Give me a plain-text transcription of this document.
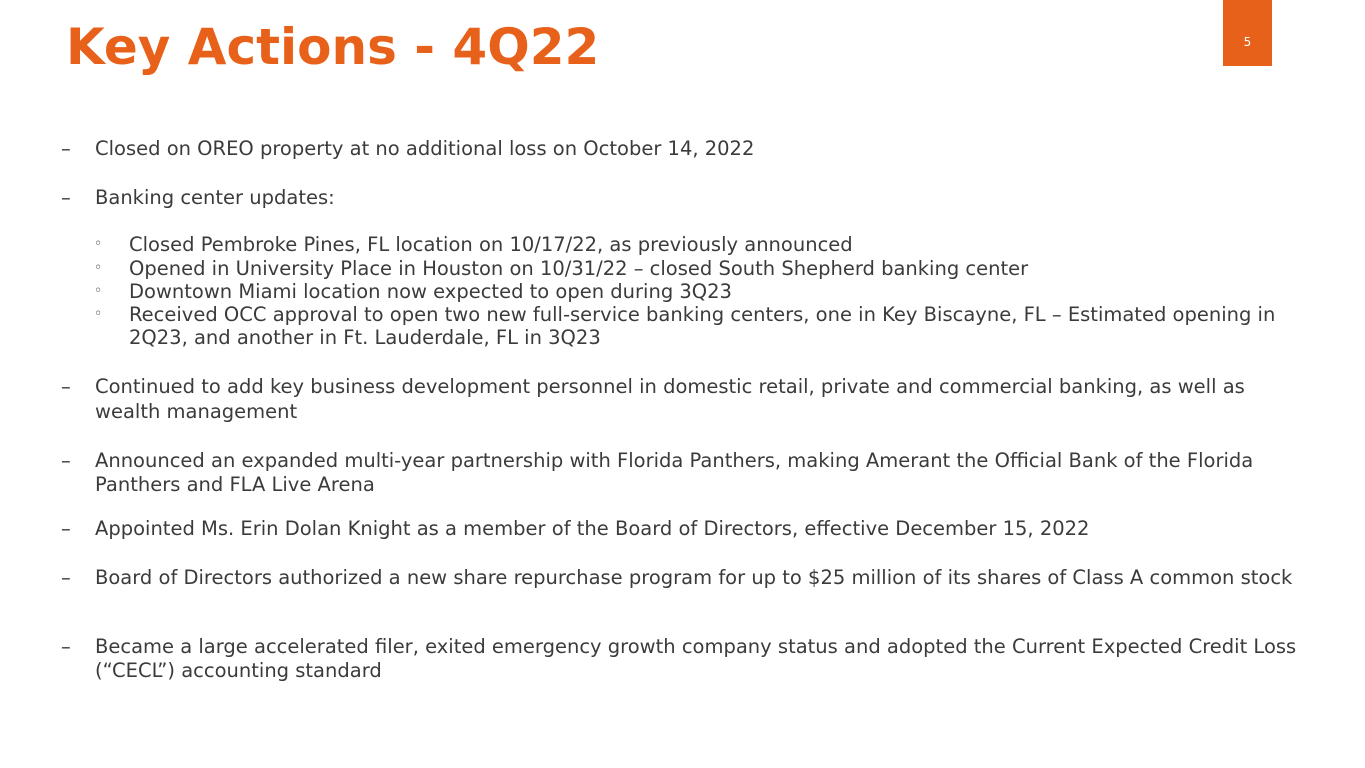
Key Actions - 4Q22	5
– Closed on OREO property at no additional loss on October 14, 2022
– Banking center updates:
◦ Closed Pembroke Pines, FL location on 10/17/22, as previously announced
◦ Opened in University Place in Houston on 10/31/22 – closed South Shepherd banking center
◦ Downtown Miami location now expected to open during 3Q23
◦ Received OCC approval to open two new full-service banking centers, one in Key Biscayne, FL – Estimated opening in 2Q23, and another in Ft. Lauderdale, FL in 3Q23
– Continued to add key business development personnel in domestic retail, private and commercial banking, as well as wealth management
– Announced an expanded multi-year partnership with Florida Panthers, making Amerant the Official Bank of the Florida Panthers and FLA Live Arena
– Appointed Ms. Erin Dolan Knight as a member of the Board of Directors, effective December 15, 2022
– Board of Directors authorized a new share repurchase program for up to $25 million of its shares of Class A common stock
– Became a large accelerated filer, exited emergency growth company status and adopted the Current Expected Credit Loss (“CECL”) accounting standard
